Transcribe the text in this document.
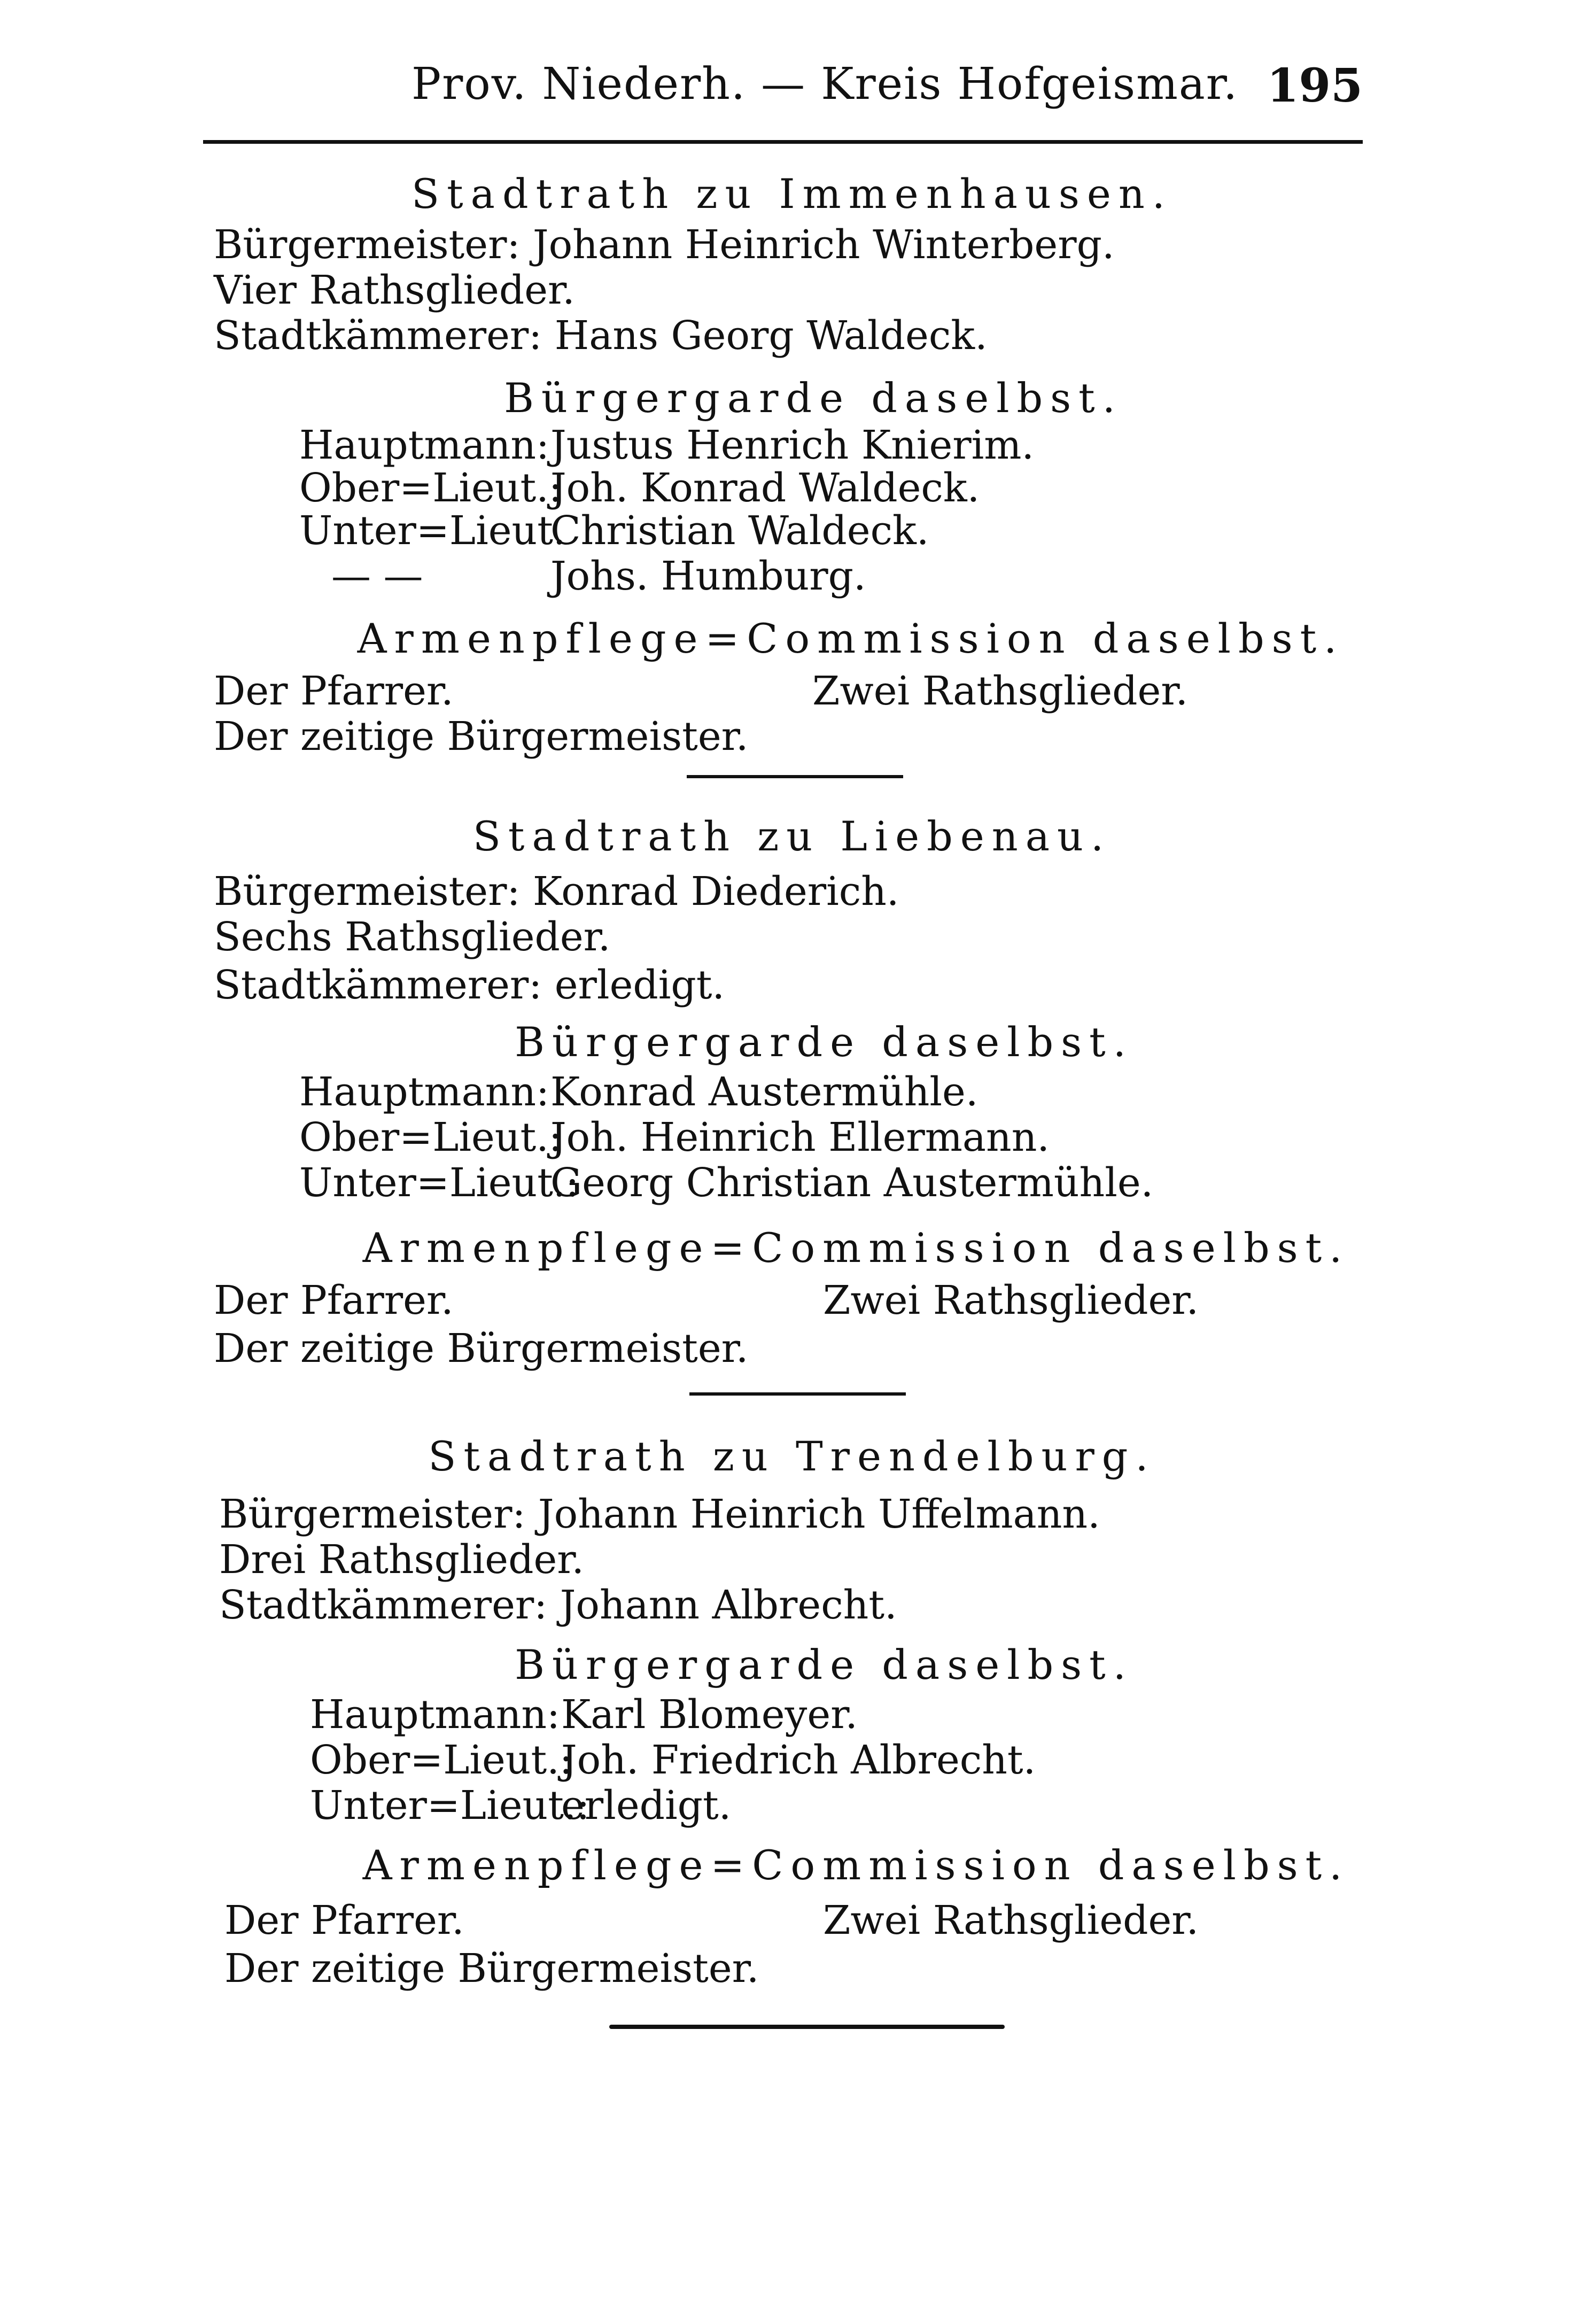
Prov. Niederh. — Kreis Hofgeismar. 195
Stadtrath zu Immenhausen.
Bürgermeister: Johann Heinrich Winterberg.
Vier Rathsglieder.
Stadtkämmerer: Hans Georg Waldeck.
Bürgergarde daselbst.
Hauptmann:Justus Henrich Knierim.
Ober=Lieut.:Joh. Konrad Waldeck.
Unter=Lieut.Christian Waldeck.
— —	Johs. Humburg.
Armenpflege=Commission daselbst.
Der Pfarrer.	Zwei Rathsglieder.
Der zeitige Bürgermeister.
Stadtrath zu Liebenau.
Bürgermeister: Konrad Diederich.
Sechs Rathsglieder.
Stadtkämmerer: erledigt.
Bürgergarde daselbst.
Hauptmann:Konrad Austermühle.
Ober=Lieut.:Joh. Heinrich Ellermann.
Unter=Lieut.:Georg Christian Austermühle.
Armenpflege=Commission daselbst.
Der Pfarrer.	Zwei Rathsglieder.
Der zeitige Bürgermeister.
Stadtrath zu Trendelburg.
Bürgermeister: Johann Heinrich Uffelmann.
Drei Rathsglieder.
Stadtkämmerer: Johann Albrecht.
Bürgergarde daselbst.
Hauptmann:Karl Blomeyer.
Ober=Lieut.:Joh. Friedrich Albrecht.
Unter=Lieut.:erledigt.
Armenpflege=Commission daselbst.
Der Pfarrer.	Zwei Rathsglieder.
Der zeitige Bürgermeister.
